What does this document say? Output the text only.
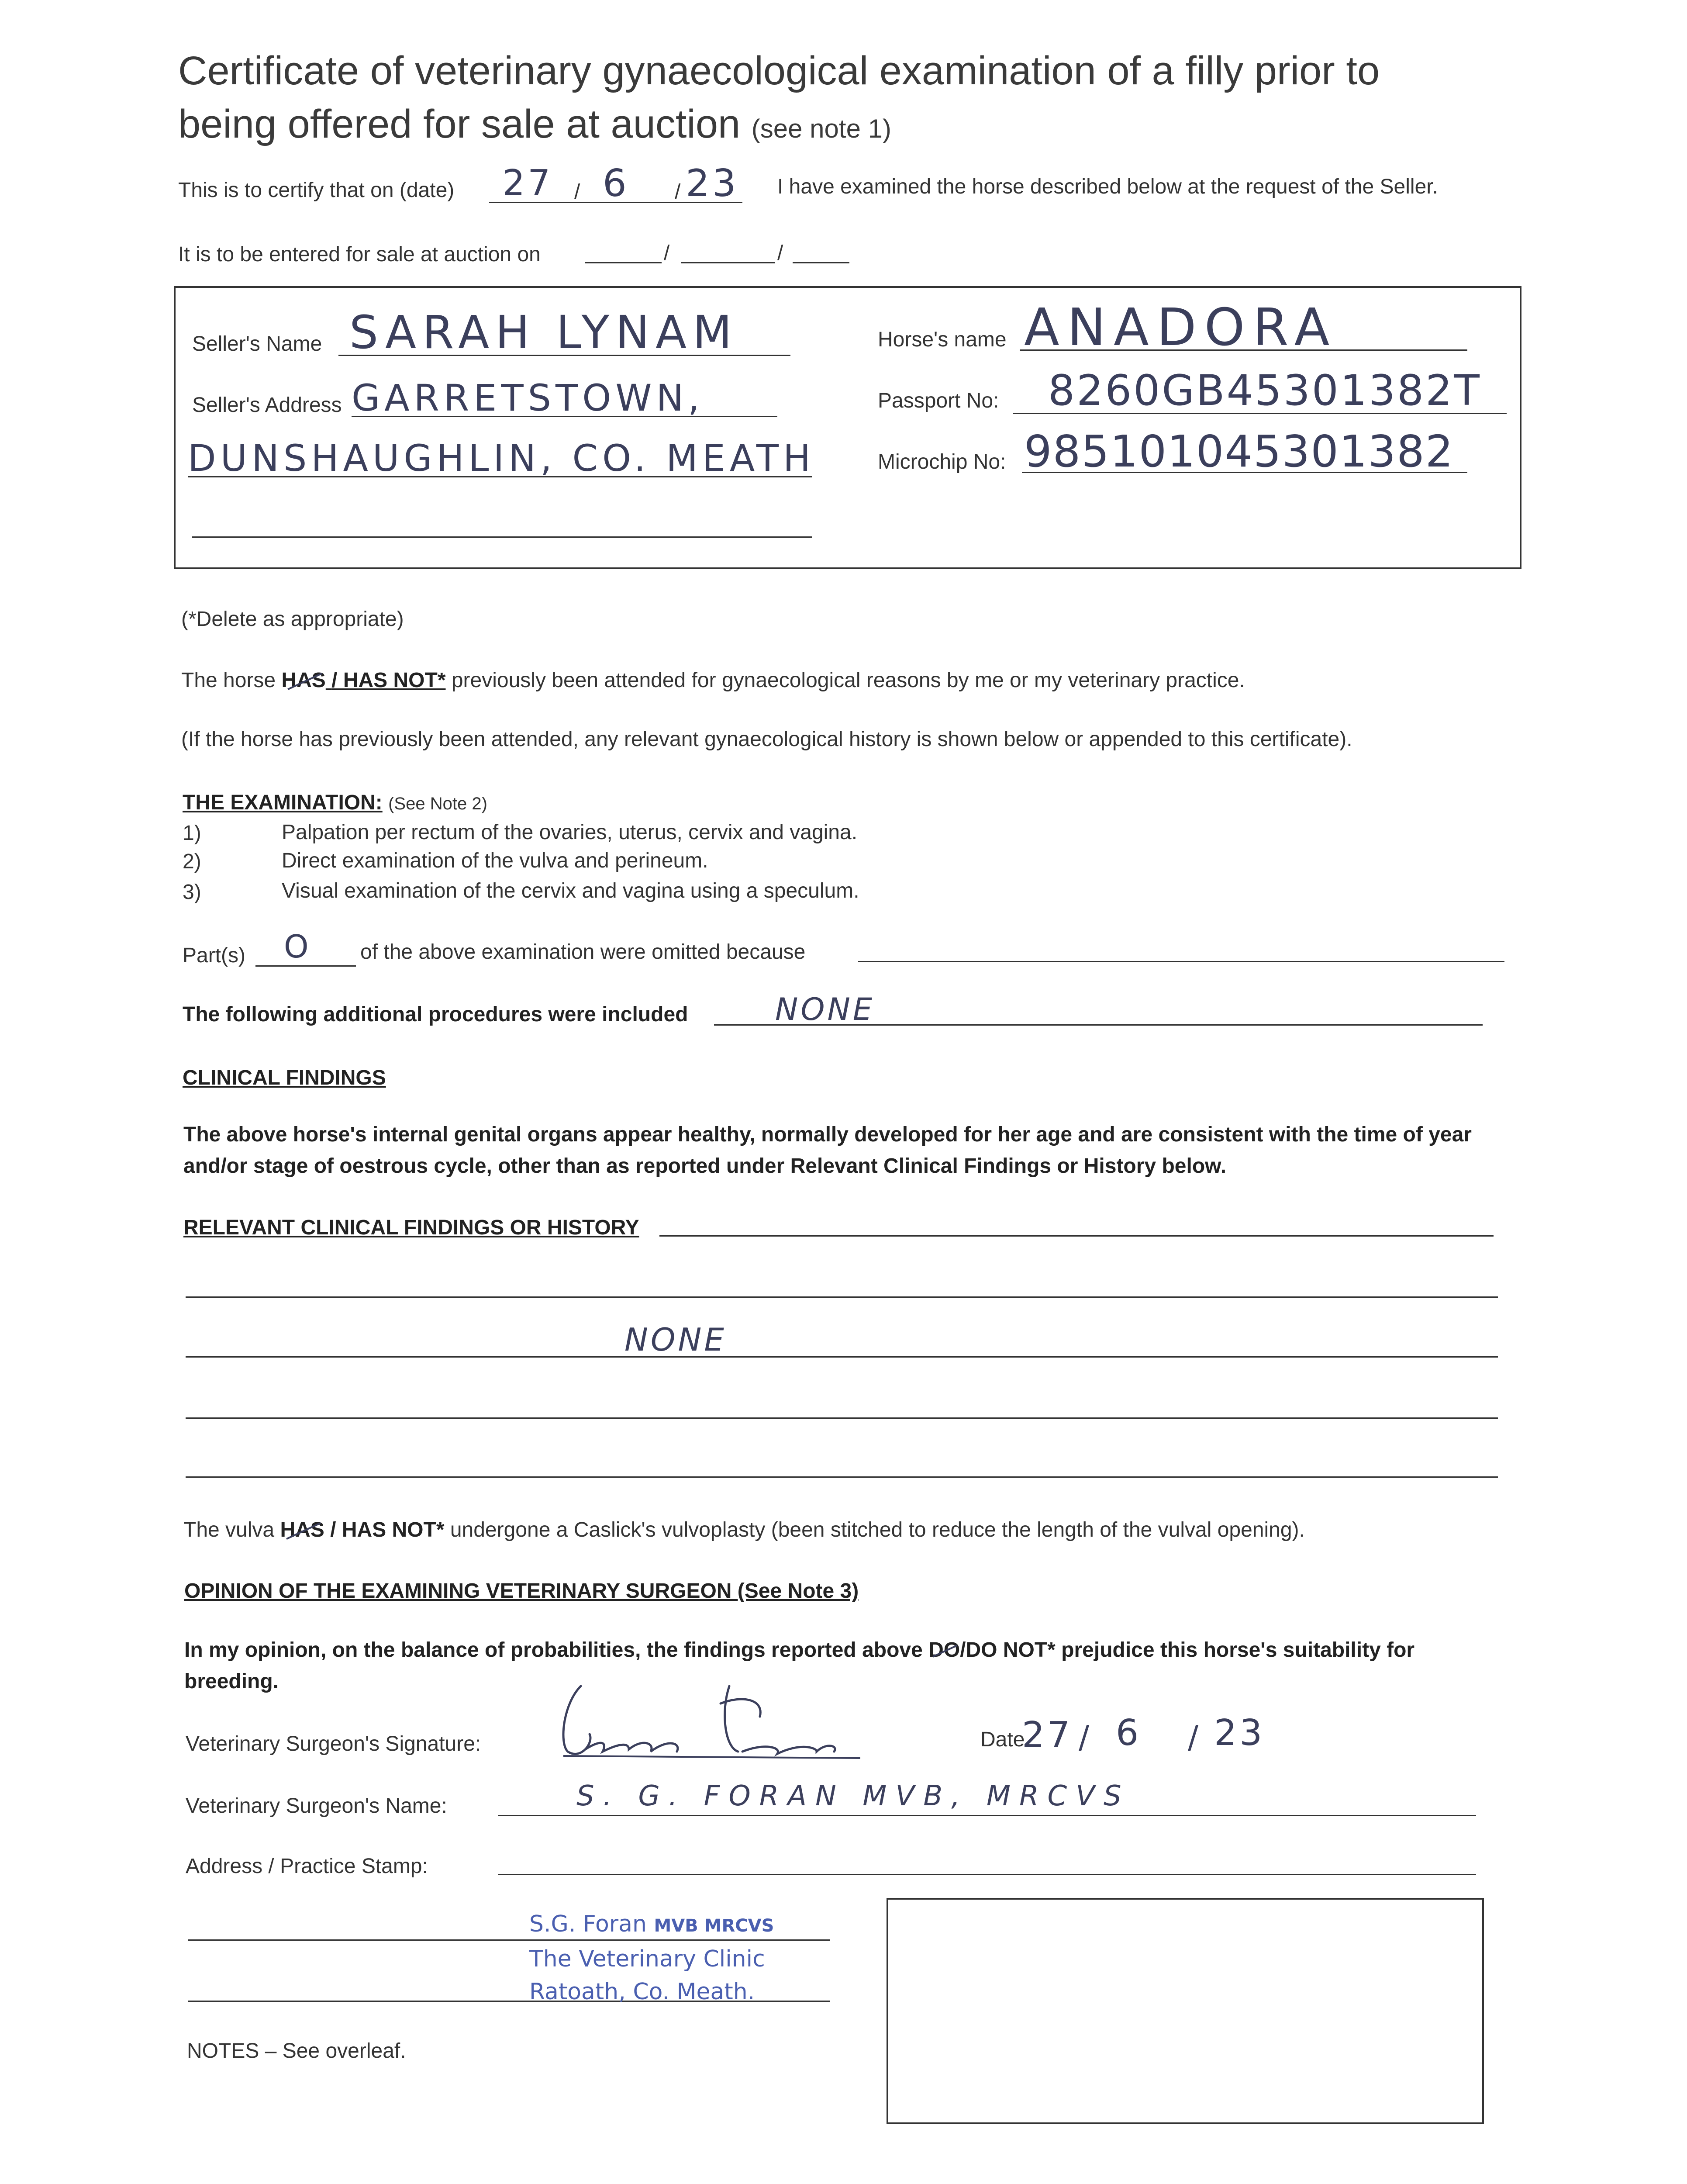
Certificate of veterinary gynaecological examination of a filly prior to
being offered for sale at auction (see note 1)
This is to certify that on (date)	/	/
27 6 23 I have examined the horse described below at the request of the Seller.
It is to be entered for sale at auction on	/	/
Seller's Name SARAH LYNAM
Seller's Address GARRETSTOWN,
DUNSHAUGHLIN, CO. MEATH
Horse's name ANADORA
Passport No: 8260GB45301382T
Microchip No: 985101045301382
(*Delete as appropriate)
The horse HAS / HAS NOT* previously been attended for gynaecological reasons by me or my veterinary practice.
(If the horse has previously been attended, any relevant gynaecological history is shown below or appended to this certificate).
THE EXAMINATION: (See Note 2)
1)	Palpation per rectum of the ovaries, uterus, cervix and vagina.
2)	Direct examination of the vulva and perineum.
3)	Visual examination of the cervix and vagina using a speculum.
Part(s) O of the above examination were omitted because
The following additional procedures were included	NONE
CLINICAL FINDINGS
The above horse's internal genital organs appear healthy, normally developed for her age and are consistent with the time of year
and/or stage of oestrous cycle, other than as reported under Relevant Clinical Findings or History below.
RELEVANT CLINICAL FINDINGS OR HISTORY
NONE
The vulva HAS / HAS NOT* undergone a Caslick's vulvoplasty (been stitched to reduce the length of the vulval opening).
OPINION OF THE EXAMINING VETERINARY SURGEON (See Note 3)
In my opinion, on the balance of probabilities, the findings reported above DO/DO NOT* prejudice this horse's suitability for
breeding.
Veterinary Surgeon's Signature:	Date
27 / 6 / 23
Veterinary Surgeon's Name:	S. G. FORAN MVB, MRCVS
Address / Practice Stamp:
S.G. Foran MVB MRCVS
The Veterinary Clinic
Ratoath, Co. Meath.
NOTES – See overleaf.
